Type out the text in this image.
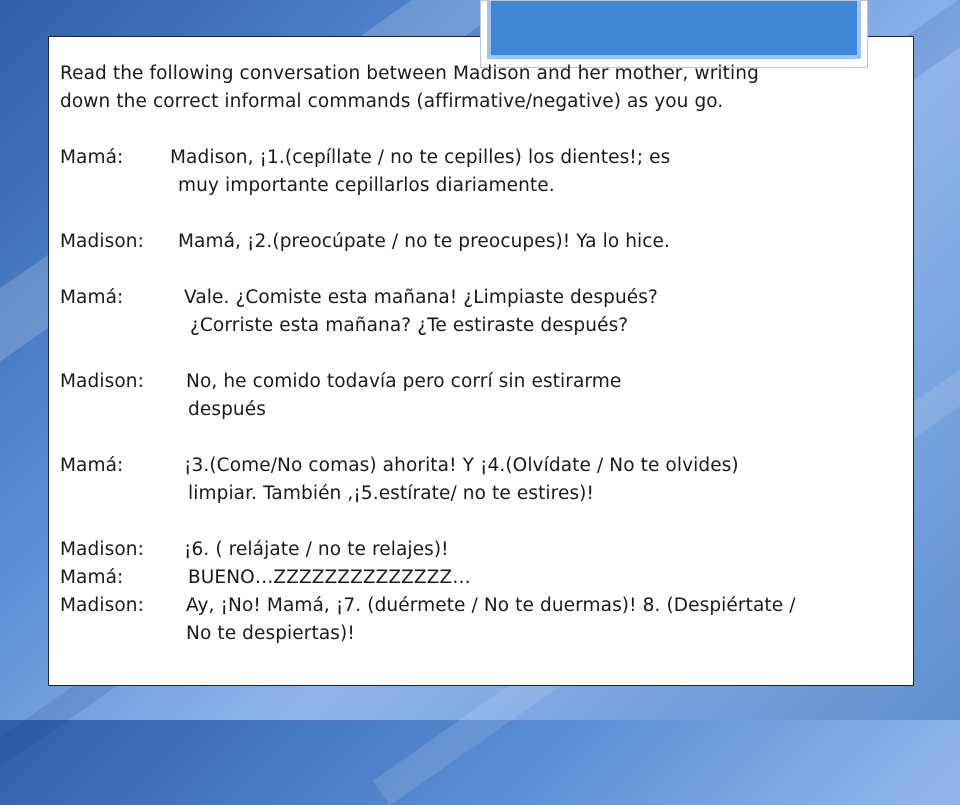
Read the following conversation between Madison and her mother, writing
down the correct informal commands (affirmative/negative) as you go.
Mamá:	Madison, ¡1.(cepíllate / no te cepilles) los dientes!; es
muy importante cepillarlos diariamente.
Madison: Mamá, ¡2.(preocúpate / no te preocupes)! Ya lo hice.
Mamá:	Vale. ¿Comiste esta mañana! ¿Limpiaste después?
¿Corriste esta mañana? ¿Te estiraste después?
Madison: No, he comido todavía pero corrí sin estirarme
después
Mamá:	¡3.(Come/No comas) ahorita! Y ¡4.(Olvídate / No te olvides)
limpiar. También ,¡5.estírate/ no te estires)!
Madison: ¡6. ( relájate / no te relajes)!
Mamá:	BUENO…ZZZZZZZZZZZZZZ…
Madison: Ay, ¡No! Mamá, ¡7. (duérmete / No te duermas)! 8. (Despiértate /
No te despiertas)!
